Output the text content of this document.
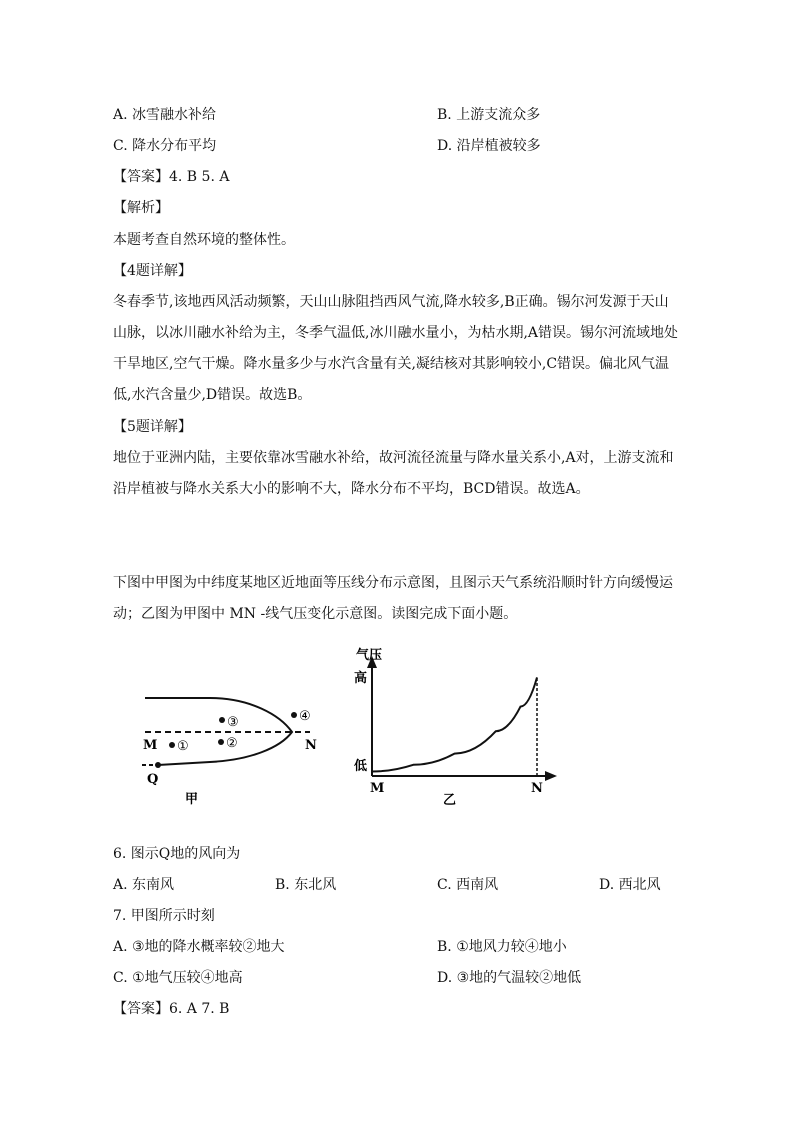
A. 冰雪融水补给	B. 上游支流众多
C. 降水分布平均	D. 沿岸植被较多
【答案】4. B 5. A
【解析】
本题考查自然环境的整体性。
【4题详解】
冬春季节,该地西风活动频繁，天山山脉阻挡西风气流,降水较多,B正确。锡尔河发源于天山
山脉，以冰川融水补给为主，冬季气温低,冰川融水量小，为枯水期,A错误。锡尔河流域地处
干旱地区,空气干燥。降水量多少与水汽含量有关,凝结核对其影响较小,C错误。偏北风气温
低,水汽含量少,D错误。故选B。
【5题详解】
地位于亚洲内陆，主要依靠冰雪融水补给，故河流径流量与降水量关系小,A对，上游支流和
沿岸植被与降水关系大小的影响不大，降水分布不平均，BCD错误。故选A。
下图中甲图为中纬度某地区近地面等压线分布示意图，且图示天气系统沿顺时针方向缓慢运
动；乙图为甲图中 MN -线气压变化示意图。读图完成下面小题。
③
②
①
④
M	N
Q
甲
气压
高
低
M	N
乙
6. 图示Q地的风向为
A. 东南风	B. 东北风	C. 西南风	D. 西北风
7. 甲图所示时刻
A. ③地的降水概率较②地大	B. ①地风力较④地小
C. ①地气压较④地高	D. ③地的气温较②地低
【答案】6. A 7. B
